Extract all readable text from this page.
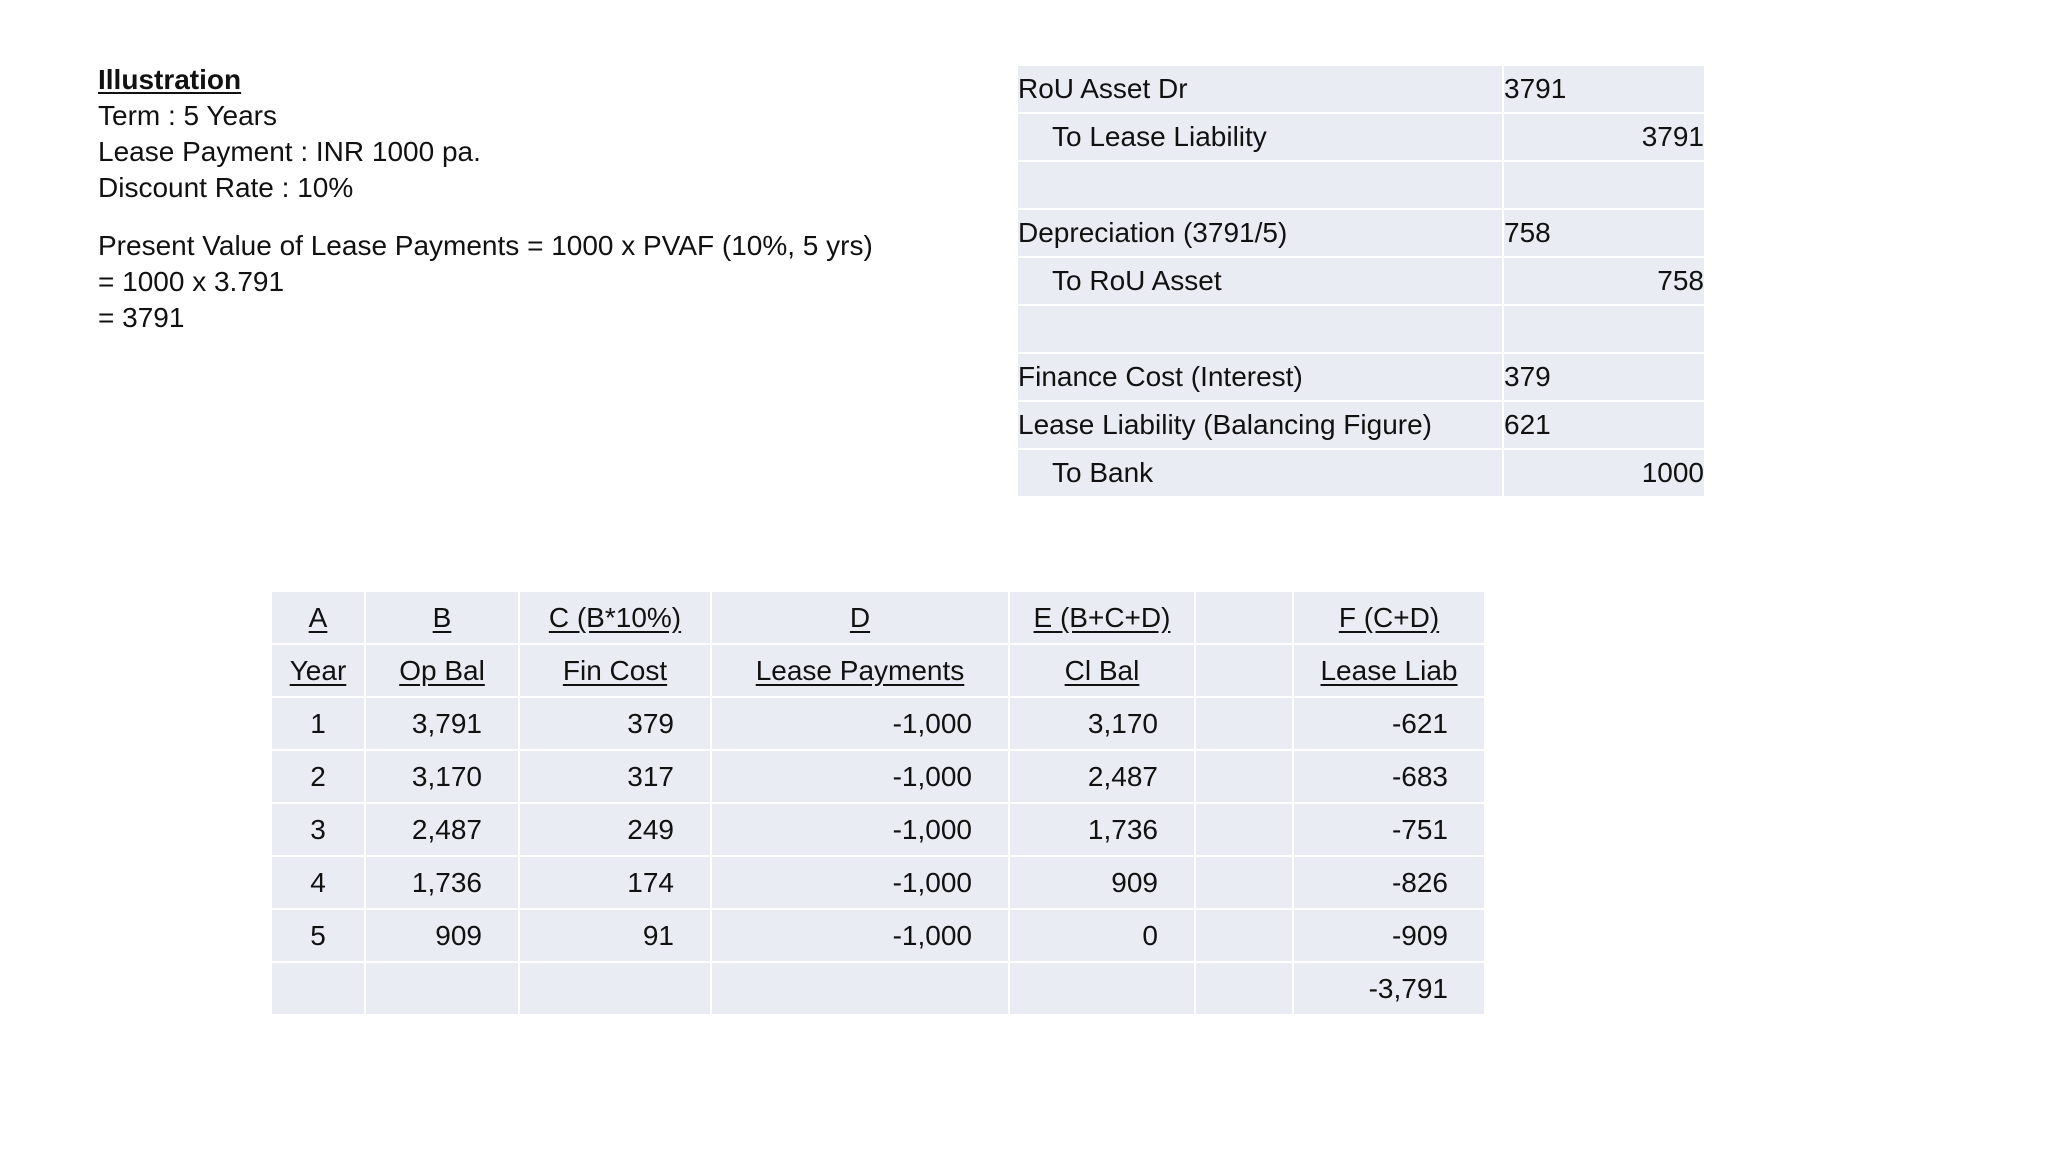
Illustration
Term : 5 Years
Lease Payment : INR 1000 pa.
Discount Rate : 10%
Present Value of Lease Payments = 1000 x PVAF (10%, 5 yrs)
= 1000 x 3.791
= 3791
RoU Asset Dr	3791

To Lease Liability	3791

Depreciation (3791/5)	758

To RoU Asset	758

Finance Cost (Interest)	379

Lease Liability (Balancing Figure)	621

To Bank	1000
A	B	C (B*10%)	D	E (B+C+D)		F (C+D)
Year	Op Bal	Fin Cost	Lease Payments	Cl Bal		Lease Liab
1	3,791	379	-1,000	3,170		-621
2	3,170	317	-1,000	2,487		-683
3	2,487	249	-1,000	1,736		-751
4	1,736	174	-1,000	909		-826
5	909	91	-1,000	0		-909
						-3,791
